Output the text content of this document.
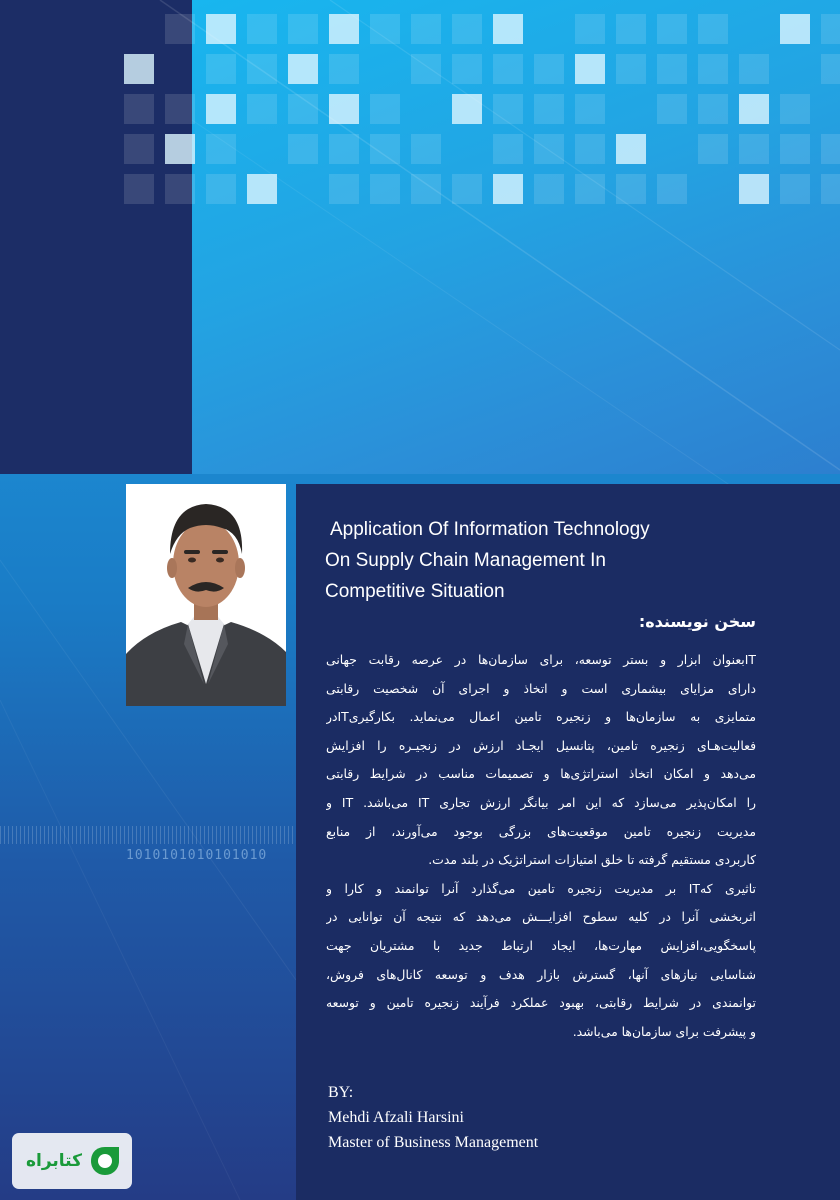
1010101010101010
Application Of Information Technology
On Supply Chain Management In
Competitive Situation
سخن نویسنده:
ITبعنوان ابزار و بستر توسعه، برای سازمان‌ها در عرصه رقابت جهانی
دارای مزایای بیشماری است و اتخاذ و اجرای آن شخصیت رقابتی
متمایزی به سازمان‌ها و زنجیره تامین اعمال می‌نماید. بکارگیریITدر
فعالیت‌هـای زنجیره تامین، پتانسیل ایجـاد ارزش در زنجیـره را افزایش
می‌دهد و امکان اتخاذ استراتژی‌ها و تصمیمات مناسب در شرایط رقابتی
را امکان‌پذیر می‌سازد که این امر بیانگر ارزش تجاری IT می‌باشد. IT و
مدیریت زنجیره تامین موقعیت‌های بزرگی بوجود می‌آورند، از منابع
کاربردی مستقیم گرفته تا خلق امتیازات استراتژیک در بلند مدت.
تاثیری کهIT بر مدیریت زنجیره تامین می‌گذارد آنرا توانمند و کارا و
اثربخشی آنرا در کلیه سطوح افزایـــش می‌دهد که نتیجه آن توانایی در
پاسخگویی،افزایش مهارت‌ها، ایجاد ارتباط جدید با مشتریان جهت
شناسایی نیازهای آنها، گسترش بازار هدف و توسعه کانال‌های فروش،
توانمندی در شرایط رقابتی، بهبود عملکرد فرآیند زنجیره تامین و توسعه
و پیشرفت برای سازمان‌ها می‌باشد.
BY:
Mehdi Afzali Harsini
Master of Business Management
کتابراه
